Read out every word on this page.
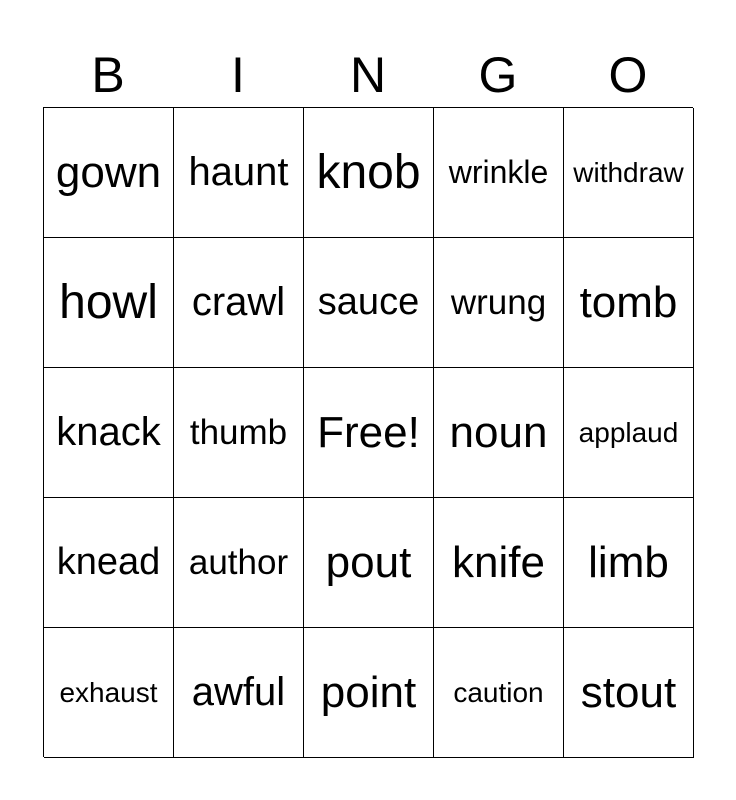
B	I	N	G	O
gown haunt knob wrinkle withdraw
howl crawl sauce wrung tomb
knack thumb Free! noun	applaud
knead author pout knife limb
exhaust awful point	caution stout
